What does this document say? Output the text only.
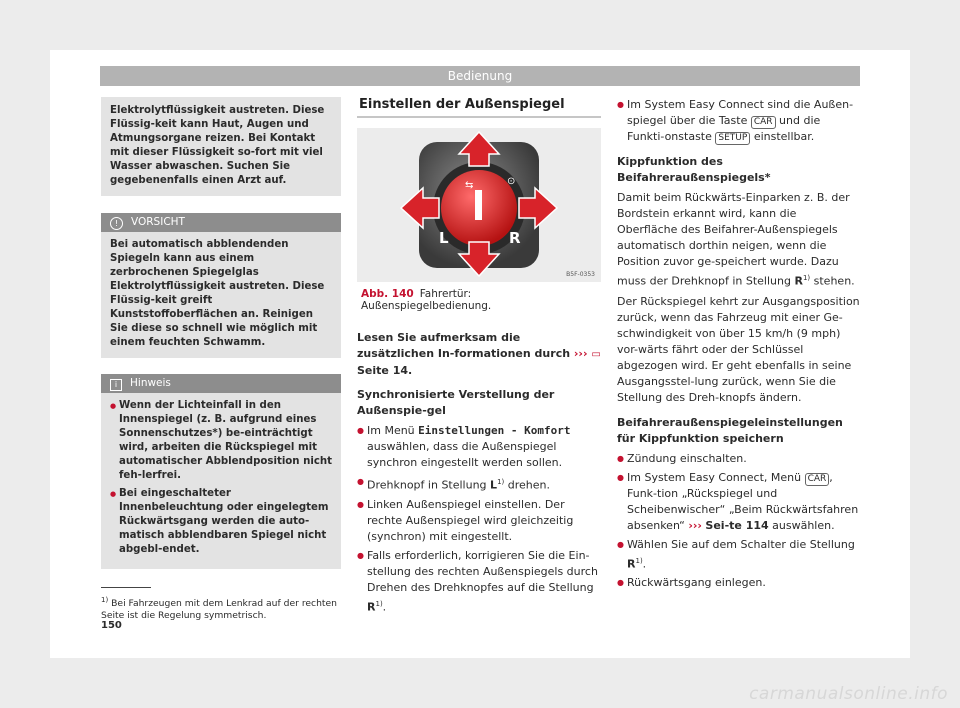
Bedienung
Elektrolytflüssigkeit austreten. Diese Flüssig-keit kann Haut, Augen und Atmungsorgane reizen. Bei Kontakt mit dieser Flüssigkeit so-fort mit viel Wasser abwaschen. Suchen Sie gegebenenfalls einen Arzt auf.
! VORSICHT
Bei automatisch abblendenden Spiegeln kann aus einem zerbrochenen Spiegelglas Elektrolytflüssigkeit austreten. Diese Flüssig-keit greift Kunststoffoberflächen an. Reinigen Sie diese so schnell wie möglich mit einem feuchten Schwamm.
i Hinweis
● Wenn der Lichteinfall in den Innenspiegel (z. B. aufgrund eines Sonnenschutzes*) be-einträchtigt wird, arbeiten die Rückspiegel mit automatischer Abblendposition nicht feh-lerfrei.
● Bei eingeschalteter Innenbeleuchtung oder eingelegtem Rückwärtsgang werden die auto-matisch abblendbaren Spiegel nicht abgebl-endet.
Einstellen der Außenspiegel
⇆	⊙
L	R
B5F-0353
Abb. 140 Fahrertür: Außenspiegelbedienung.
Lesen Sie aufmerksam die zusätzlichen In-formationen durch ››› ▭ Seite 14.
Synchronisierte Verstellung der Außenspie-gel
● Im Menü Einstellungen - Komfort auswählen, dass die Außenspiegel synchron eingestellt werden sollen.
● Drehknopf in Stellung $L^{1)}$ drehen.
● Linken Außenspiegel einstellen. Der rechte Außenspiegel wird gleichzeitig (synchron) mit eingestellt.
● Falls erforderlich, korrigieren Sie die Ein-stellung des rechten Außenspiegels durch Drehen des Drehknopfes auf die Stellung $R^{1)}$.
● Im System Easy Connect sind die Außen-spiegel über die Taste CAR und die Funkti-onstaste SETUP einstellbar.
Kippfunktion des Beifahreraußenspiegels*
Damit beim Rückwärts-Einparken z. B. der Bordstein erkannt wird, kann die Oberfläche des Beifahrer-Außenspiegels automatisch dorthin neigen, wenn die Position zuvor ge-speichert wurde. Dazu muss der Drehknopf in Stellung $R^{1)}$ stehen.
Der Rückspiegel kehrt zur Ausgangsposition zurück, wenn das Fahrzeug mit einer Ge-schwindigkeit von über 15 km/h (9 mph) vor-wärts fährt oder der Schlüssel abgezogen wird. Er geht ebenfalls in seine Ausgangsstel-lung zurück, wenn Sie die Stellung des Dreh-knopfs ändern.
Beifahreraußenspiegeleinstellungen für Kippfunktion speichern
● Zündung einschalten.
● Im System Easy Connect, Menü CAR , Funk-tion „Rückspiegel und Scheibenwischer“ „Beim Rückwärtsfahren absenken“ ››› Sei-te 114 auswählen.
● Wählen Sie auf dem Schalter die Stellung $R^{1)}$.
● Rückwärtsgang einlegen.
$^{1)}$ Bei Fahrzeugen mit dem Lenkrad auf der rechten Seite ist die Regelung symmetrisch.
150
carmanualsonline.info
